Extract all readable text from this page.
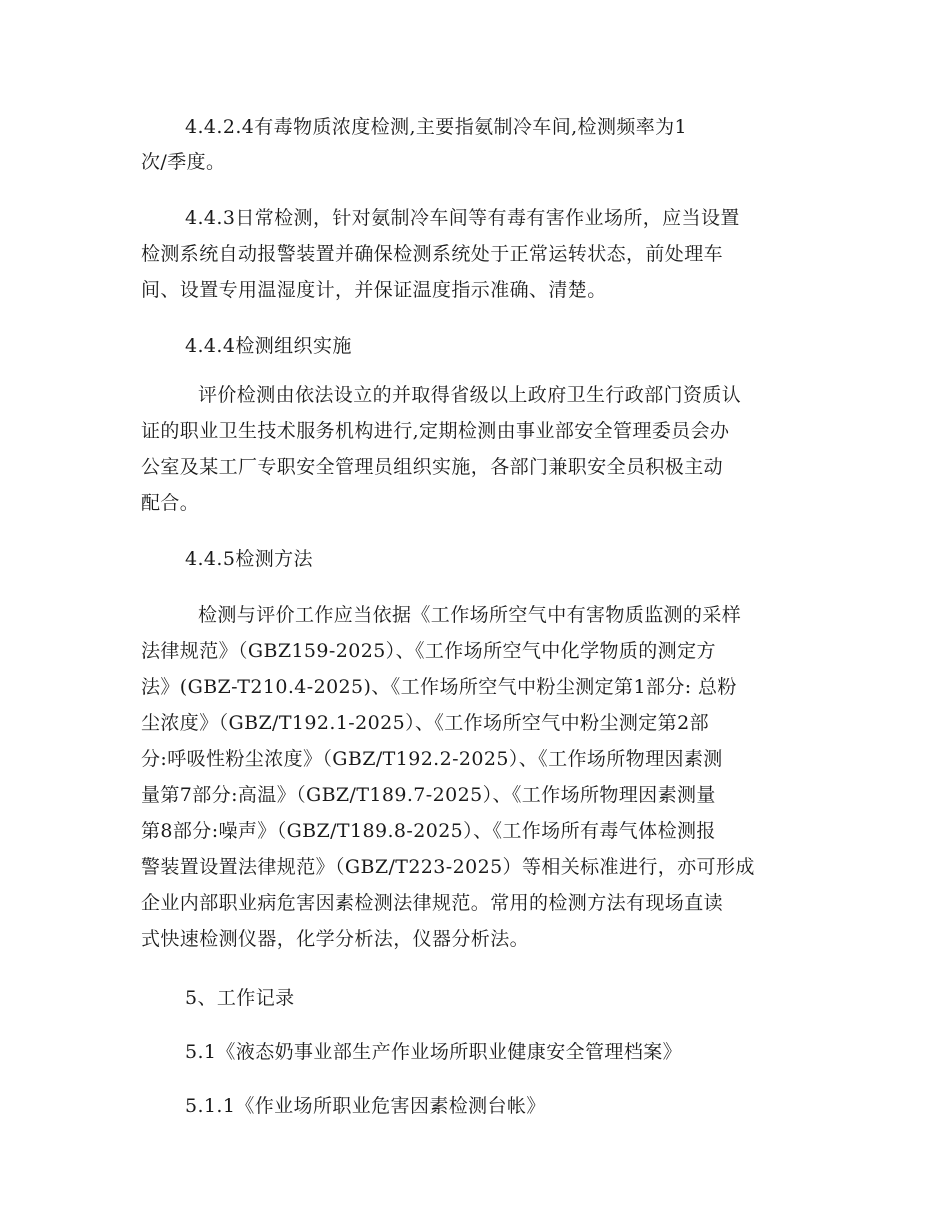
4.4.2.4有毒物质浓度检测,主要指氨制冷车间,检测频率为1
次/季度。
4.4.3日常检测，针对氨制冷车间等有毒有害作业场所，应当设置
检测系统自动报警装置并确保检测系统处于正常运转状态，前处理车
间、设置专用温湿度计，并保证温度指示准确、清楚。
4.4.4检测组织实施
评价检测由依法设立的并取得省级以上政府卫生行政部门资质认
证的职业卫生技术服务机构进行,定期检测由事业部安全管理委员会办
公室及某工厂专职安全管理员组织实施，各部门兼职安全员积极主动
配合。
4.4.5检测方法
检测与评价工作应当依据《工作场所空气中有害物质监测的采样
法律规范》（GBZ159-2025）、《工作场所空气中化学物质的测定方
法》(GBZ-T210.4-2025)、《工作场所空气中粉尘测定第1部分: 总粉
尘浓度》（GBZ/T192.1-2025）、《工作场所空气中粉尘测定第2部
分:呼吸性粉尘浓度》（GBZ/T192.2-2025）、《工作场所物理因素测
量第7部分:高温》（GBZ/T189.7-2025）、《工作场所物理因素测量
第8部分:噪声》（GBZ/T189.8-2025）、《工作场所有毒气体检测报
警装置设置法律规范》（GBZ/T223-2025）等相关标准进行，亦可形成
企业内部职业病危害因素检测法律规范。常用的检测方法有现场直读
式快速检测仪器，化学分析法，仪器分析法。
5、工作记录
5.1《液态奶事业部生产作业场所职业健康安全管理档案》
5.1.1《作业场所职业危害因素检测台帐》
